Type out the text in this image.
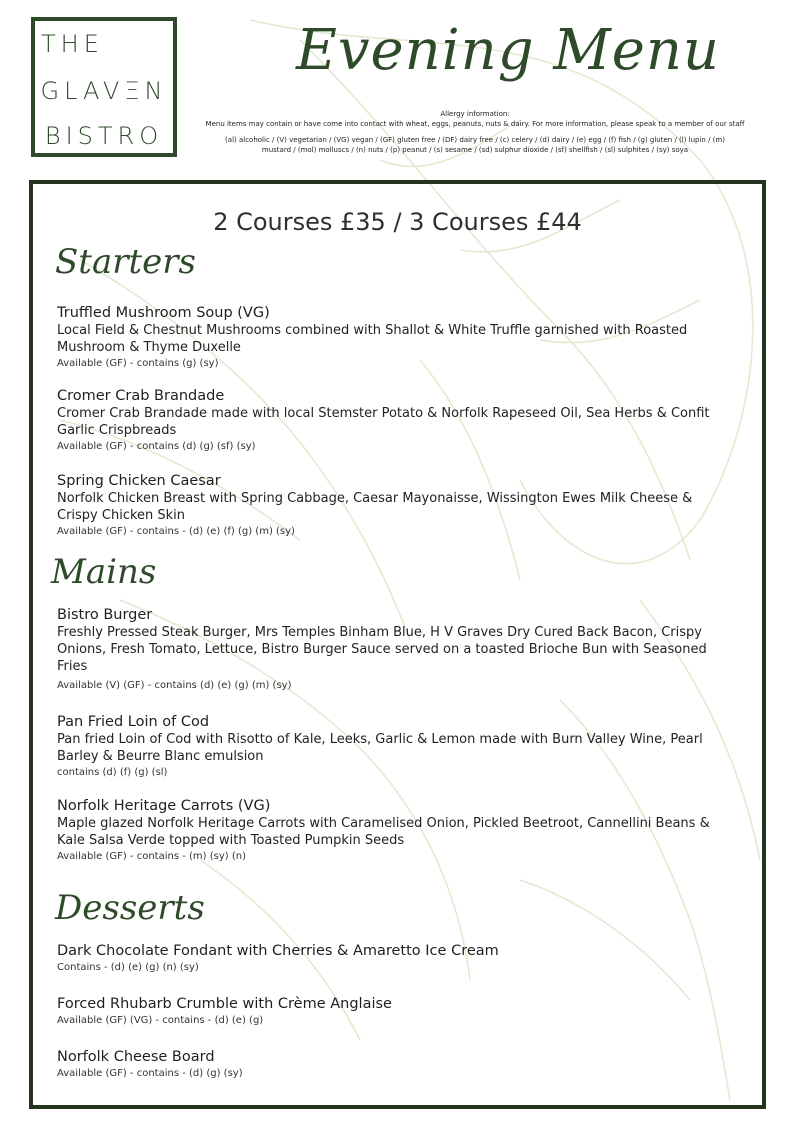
THE
GLAVΞN
BISTRO
Evening Menu
Allergy information:
Menu items may contain or have come into contact with wheat, eggs, peanuts, nuts & dairy. For more information, please speak to a member of our staff
(al) alcoholic / (V) vegetarian / (VG) vegan / (GF) gluten free / (DF) dairy free / (c) celery / (d) dairy / (e) egg / (f) fish / (g) gluten / (l) lupin / (m)
mustard / (mol) molluscs / (n) nuts / (p) peanut / (s) sesame / (sd) sulphur dioxide / (sf) shellfish / (sl) sulphites / (sy) soya
2 Courses £35 / 3 Courses £44
Starters
Truffled Mushroom Soup (VG)
Local Field & Chestnut Mushrooms combined with Shallot & White Truffle garnished with Roasted Mushroom & Thyme Duxelle
Available (GF) - contains (g) (sy)
Cromer Crab Brandade
Cromer Crab Brandade made with local Stemster Potato & Norfolk Rapeseed Oil, Sea Herbs & Confit Garlic Crispbreads
Available (GF) - contains (d) (g) (sf) (sy)
Spring Chicken Caesar
Norfolk Chicken Breast with Spring Cabbage, Caesar Mayonaisse, Wissington Ewes Milk Cheese & Crispy Chicken Skin
Available (GF) - contains - (d) (e) (f) (g) (m) (sy)
Mains
Bistro Burger
Freshly Pressed Steak Burger, Mrs Temples Binham Blue, H V Graves Dry Cured Back Bacon, Crispy Onions, Fresh Tomato, Lettuce, Bistro Burger Sauce served on a toasted Brioche Bun with Seasoned Fries
Available (V) (GF) - contains (d) (e) (g) (m) (sy)
Pan Fried Loin of Cod
Pan fried Loin of Cod with Risotto of Kale, Leeks, Garlic & Lemon made with Burn Valley Wine, Pearl Barley & Beurre Blanc emulsion
contains (d) (f) (g) (sl)
Norfolk Heritage Carrots (VG)
Maple glazed Norfolk Heritage Carrots with Caramelised Onion, Pickled Beetroot, Cannellini Beans & Kale Salsa Verde topped with Toasted Pumpkin Seeds
Available (GF) - contains - (m) (sy) (n)
Desserts
Dark Chocolate Fondant with Cherries & Amaretto Ice Cream
Contains - (d) (e) (g) (n) (sy)
Forced Rhubarb Crumble with Crème Anglaise
Available (GF) (VG) - contains - (d) (e) (g)
Norfolk Cheese Board
Available (GF) - contains - (d) (g) (sy)
